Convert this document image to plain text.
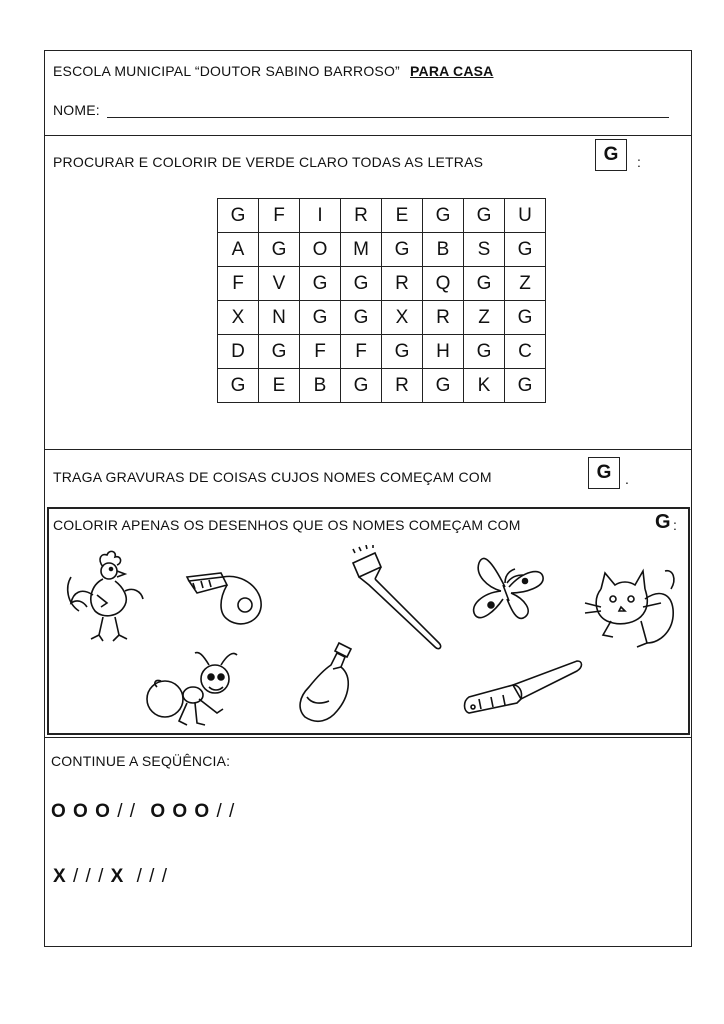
ESCOLA MUNICIPAL “DOUTOR SABINO BARROSO” PARA CASA
NOME:
PROCURAR E COLORIR DE VERDE CLARO TODAS AS LETRAS	G	:
G	F	I	R	E	G	G	U
A	G	O	M	G	B	S	G
F	V	G	G	R	Q	G	Z
X	N	G	G	X	R	Z	G
D	G	F	F	G	H	G	C
G	E	B	G	R	G	K	G
TRAGA GRAVURAS DE COISAS CUJOS NOMES COMEÇAM COM	G .
COLORIR APENAS OS DESENHOS QUE OS NOMES COMEÇAM COM	G :
CONTINUE A SEQÜÊNCIA:
O O O / / O O O / /
X / / / X / / /
